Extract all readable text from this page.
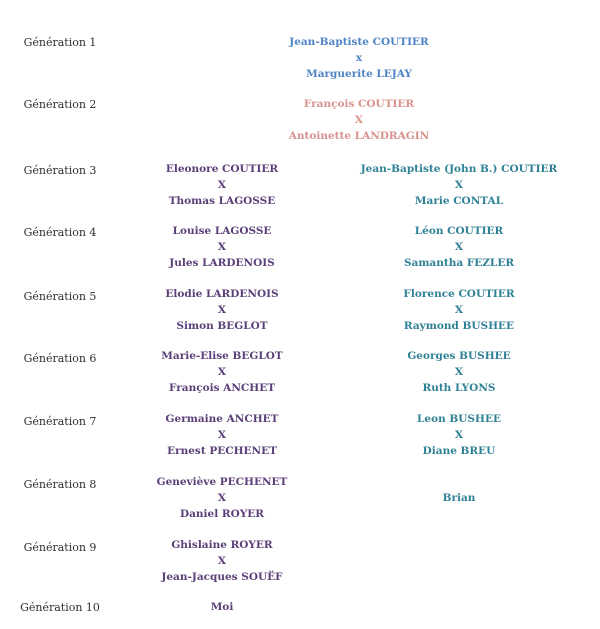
Génération 1
Génération 2
Génération 3
Génération 4
Génération 5
Génération 6
Génération 7
Génération 8
Génération 9
Génération 10
Jean-Baptiste COUTIER
x
Marguerite LEJAY
François COUTIER
X
Antoinette LANDRAGIN
Eleonore COUTIER
X
Thomas LAGOSSE
Jean-Baptiste (John B.) COUTIER
X
Marie CONTAL
Louise LAGOSSE
X
Jules LARDENOIS
Léon COUTIER
X
Samantha FEZLER
Elodie LARDENOIS
X
Simon BEGLOT
Florence COUTIER
X
Raymond BUSHEE
Marie-Elise BEGLOT
X
François ANCHET
Georges BUSHEE
X
Ruth LYONS
Germaine ANCHET
X
Ernest PECHENET
Leon BUSHEE
X
Diane BREU
Geneviève PECHENET
X
Daniel ROYER
Brian
Ghislaine ROYER
X
Jean-Jacques SOUËF
Moi
